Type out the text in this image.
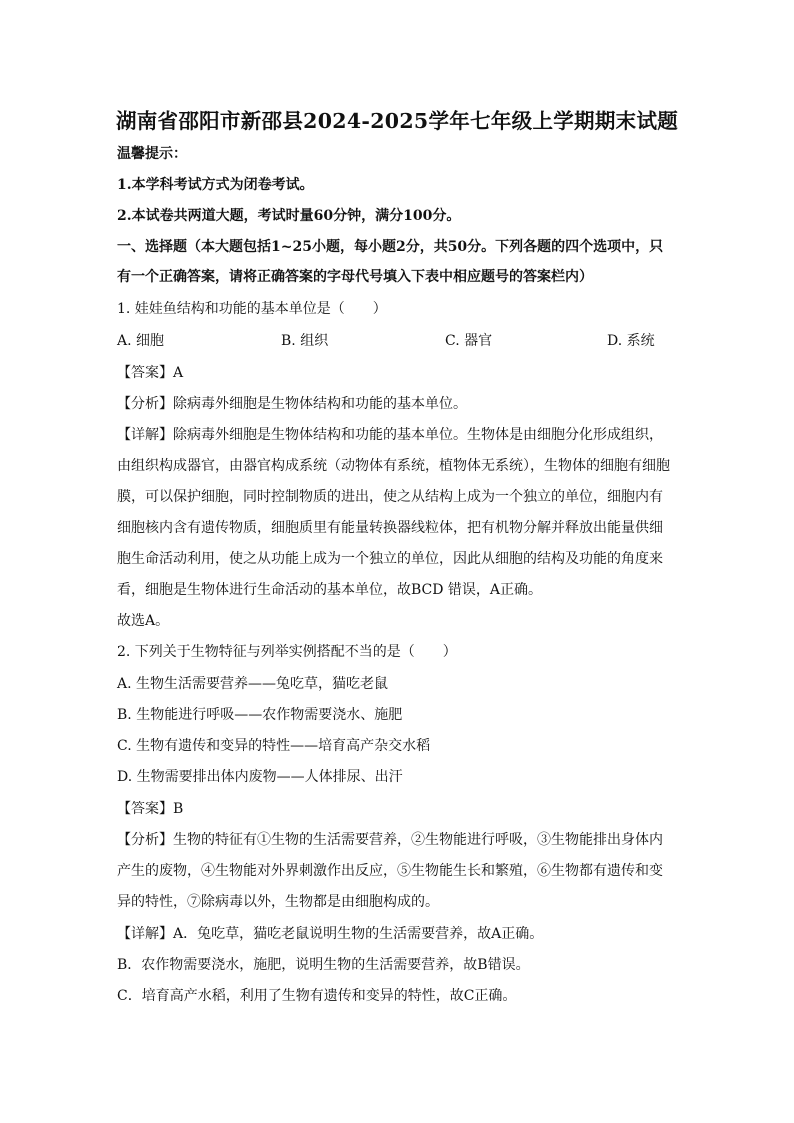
湖南省邵阳市新邵县2024-2025学年七年级上学期期末试题
温馨提示：
1.本学科考试方式为闭卷考试。
2.本试卷共两道大题，考试时量60分钟，满分100分。
一、选择题（本大题包括1~25小题，每小题2分，共50分。下列各题的四个选项中，只
有一个正确答案，请将正确答案的字母代号填入下表中相应题号的答案栏内）
1. 娃娃鱼结构和功能的基本单位是（　　）
A. 细胞	B. 组织	C. 器官	D. 系统
【答案】A
【分析】除病毒外细胞是生物体结构和功能的基本单位。
【详解】除病毒外细胞是生物体结构和功能的基本单位。生物体是由细胞分化形成组织，
由组织构成器官，由器官构成系统（动物体有系统，植物体无系统），生物体的细胞有细胞
膜，可以保护细胞，同时控制物质的进出，使之从结构上成为一个独立的单位，细胞内有
细胞核内含有遗传物质，细胞质里有能量转换器线粒体，把有机物分解并释放出能量供细
胞生命活动利用，使之从功能上成为一个独立的单位，因此从细胞的结构及功能的角度来
看，细胞是生物体进行生命活动的基本单位，故BCD 错误，A正确。
故选A。
2. 下列关于生物特征与列举实例搭配不当的是（　　）
A. 生物生活需要营养——兔吃草，猫吃老鼠
B. 生物能进行呼吸——农作物需要浇水、施肥
C. 生物有遗传和变异的特性——培育高产杂交水稻
D. 生物需要排出体内废物——人体排尿、出汗
【答案】B
【分析】生物的特征有①生物的生活需要营养，②生物能进行呼吸，③生物能排出身体内
产生的废物，④生物能对外界刺激作出反应，⑤生物能生长和繁殖，⑥生物都有遗传和变
异的特性，⑦除病毒以外，生物都是由细胞构成的。
【详解】A．兔吃草，猫吃老鼠说明生物的生活需要营养，故A正确。
B．农作物需要浇水，施肥，说明生物的生活需要营养，故B错误。
C．培育高产水稻，利用了生物有遗传和变异的特性，故C正确。
